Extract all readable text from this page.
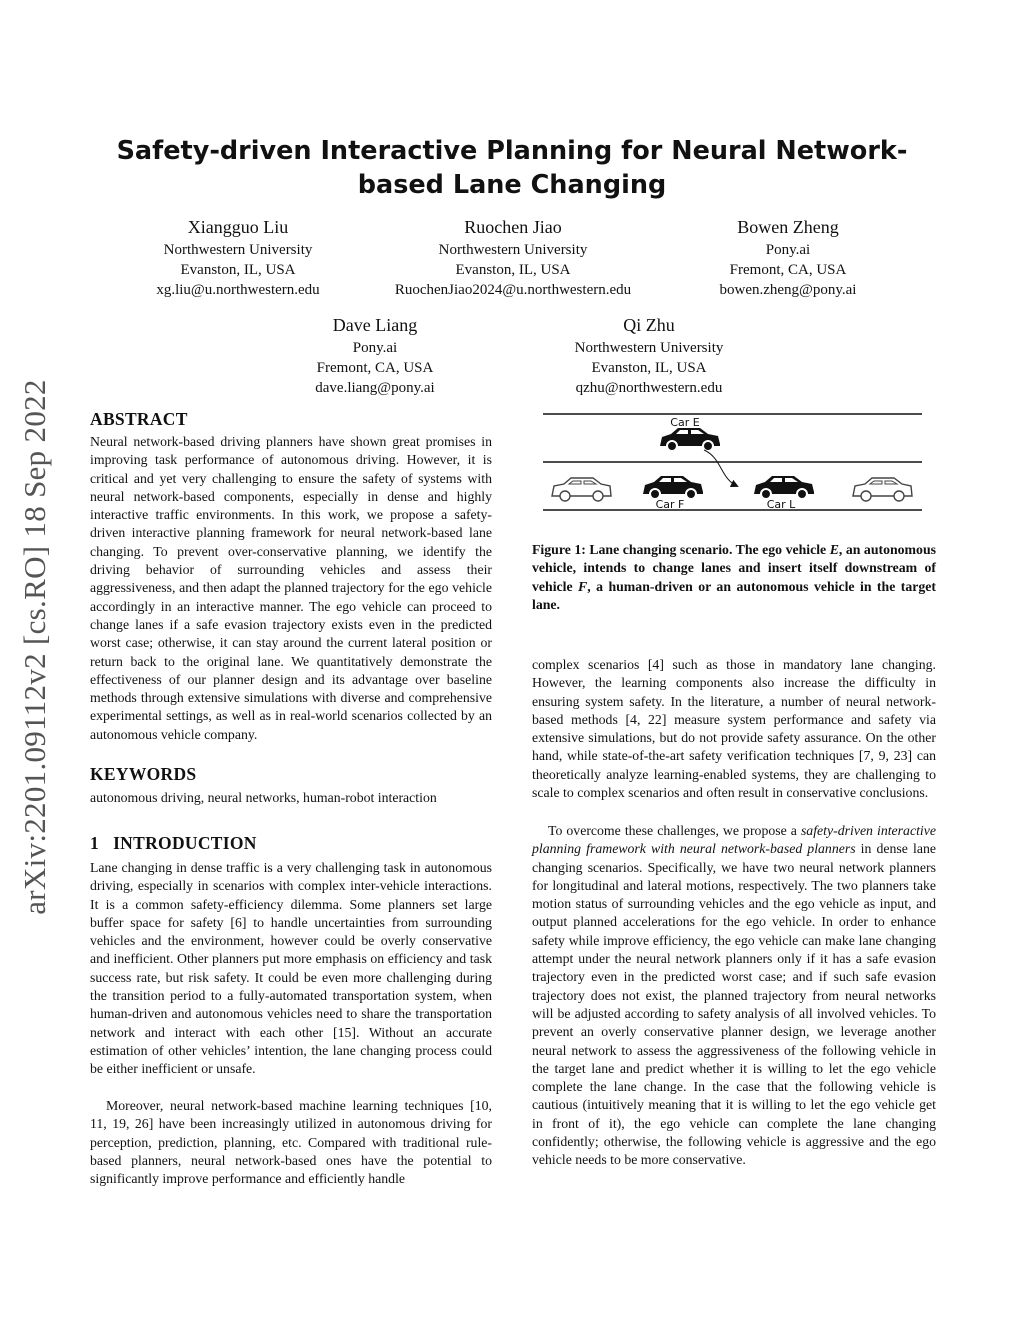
arXiv:2201.09112v2 [cs.RO] 18 Sep 2022
Safety-driven Interactive Planning for Neural Network-based Lane Changing
Xiangguo Liu
Northwestern University
Evanston, IL, USA
xg.liu@u.northwestern.edu
Ruochen Jiao
Northwestern University
Evanston, IL, USA
RuochenJiao2024@u.northwestern.edu
Bowen Zheng
Pony.ai
Fremont, CA, USA
bowen.zheng@pony.ai
Dave Liang
Pony.ai
Fremont, CA, USA
dave.liang@pony.ai
Qi Zhu
Northwestern University
Evanston, IL, USA
qzhu@northwestern.edu
ABSTRACT

Neural network-based driving planners have shown great promises in improving task performance of autonomous driving. However, it is critical and yet very challenging to ensure the safety of systems with neural network-based components, especially in dense and highly interactive traffic environments. In this work, we propose a safety-driven interactive planning framework for neural network-based lane changing. To prevent over-conservative planning, we identify the driving behavior of surrounding vehicles and assess their aggressiveness, and then adapt the planned trajectory for the ego vehicle accordingly in an interactive manner. The ego vehicle can proceed to change lanes if a safe evasion trajectory exists even in the predicted worst case; otherwise, it can stay around the current lateral position or return back to the original lane. We quantitatively demonstrate the effectiveness of our planner design and its advantage over baseline methods through extensive simulations with diverse and comprehensive experimental settings, as well as in real-world scenarios collected by an autonomous vehicle company.

KEYWORDS

autonomous driving, neural networks, human-robot interaction

1   INTRODUCTION

Lane changing in dense traffic is a very challenging task in autonomous driving, especially in scenarios with complex inter-vehicle interactions. It is a common safety-efficiency dilemma. Some planners set large buffer space for safety [6] to handle uncertainties from surrounding vehicles and the environment, however could be overly conservative and inefficient. Other planners put more emphasis on efficiency and task success rate, but risk safety. It could be even more challenging during the transition period to a fully-automated transportation system, when human-driven and autonomous vehicles need to share the transportation network and interact with each other [15]. Without an accurate estimation of other vehicles’ intention, the lane changing process could be either inefficient or unsafe.

Moreover, neural network-based machine learning techniques [10, 11, 19, 26] have been increasingly utilized in autonomous driving for perception, prediction, planning, etc. Compared with traditional rule-based planners, neural network-based ones have the potential to significantly improve performance and efficiently handle

Car E
Car F	Car L

Figure 1: Lane changing scenario. The ego vehicle E, an autonomous vehicle, intends to change lanes and insert itself downstream of vehicle F, a human-driven or an autonomous vehicle in the target lane.

complex scenarios [4] such as those in mandatory lane changing. However, the learning components also increase the difficulty in ensuring system safety. In the literature, a number of neural network-based methods [4, 22] measure system performance and safety via extensive simulations, but do not provide safety assurance. On the other hand, while state-of-the-art safety verification techniques [7, 9, 23] can theoretically analyze learning-enabled systems, they are challenging to scale to complex scenarios and often result in conservative conclusions.

To overcome these challenges, we propose a safety-driven interactive planning framework with neural network-based planners in dense lane changing scenarios. Specifically, we have two neural network planners for longitudinal and lateral motions, respectively. The two planners take motion status of surrounding vehicles and the ego vehicle as input, and output planned accelerations for the ego vehicle. In order to enhance safety while improve efficiency, the ego vehicle can make lane changing attempt under the neural network planners only if it has a safe evasion trajectory even in the predicted worst case; and if such safe evasion trajectory does not exist, the planned trajectory from neural networks will be adjusted according to safety analysis of all involved vehicles. To prevent an overly conservative planner design, we leverage another neural network to assess the aggressiveness of the following vehicle in the target lane and predict whether it is willing to let the ego vehicle complete the lane change. In the case that the following vehicle is cautious (intuitively meaning that it is willing to let the ego vehicle get in front of it), the ego vehicle can complete the lane changing confidently; otherwise, the following vehicle is aggressive and the ego vehicle needs to be more conservative.
